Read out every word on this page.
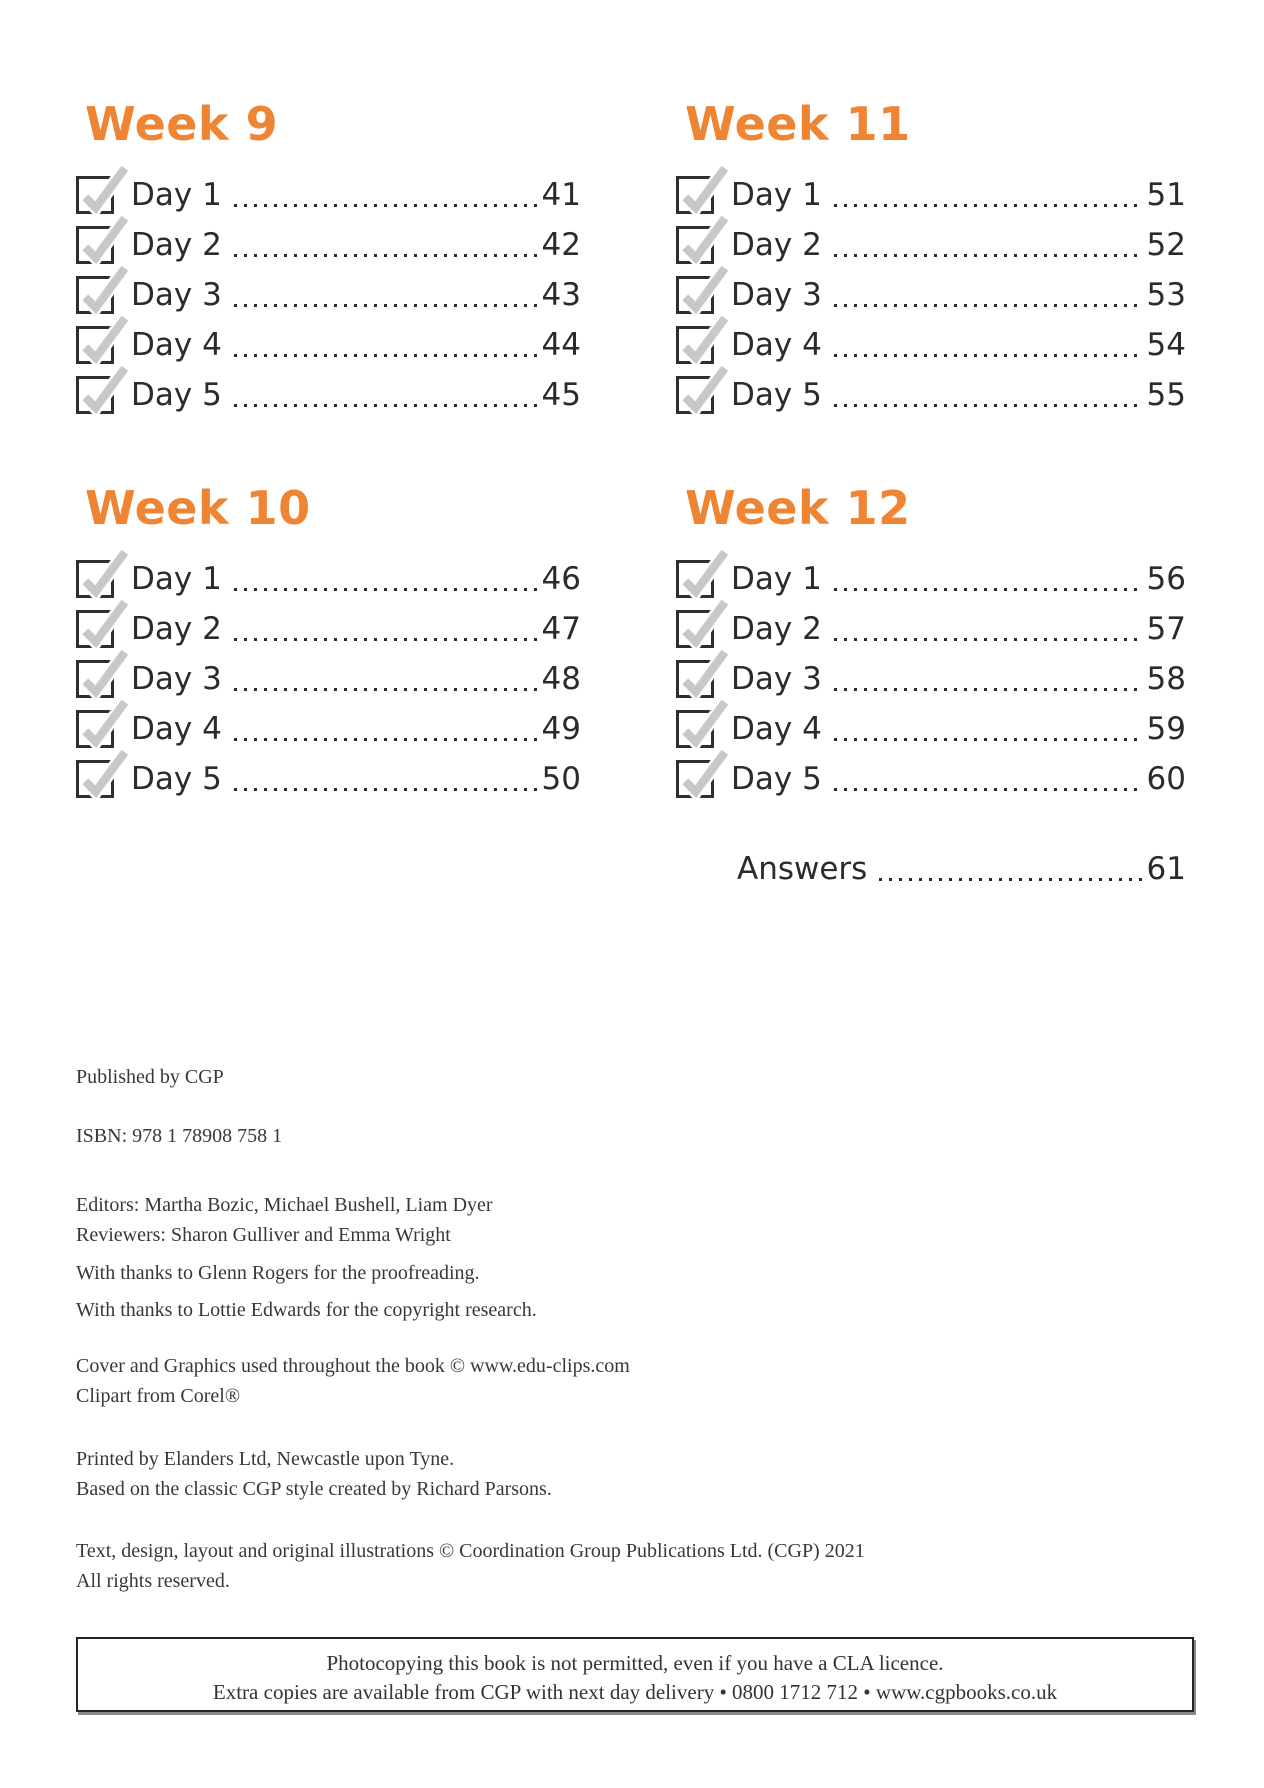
Week 9
Day 1	41
Day 2	42
Day 3	43
Day 4	44
Day 5	45
Week 10
Day 1	46
Day 2	47
Day 3	48
Day 4	49
Day 5	50
Week 11
Day 1	51
Day 2	52
Day 3	53
Day 4	54
Day 5	55
Week 12
Day 1	56
Day 2	57
Day 3	58
Day 4	59
Day 5	60
Answers	61

Published by CGP

ISBN: 978 1 78908 758 1

Editors: Martha Bozic, Michael Bushell, Liam Dyer

Reviewers: Sharon Gulliver and Emma Wright

With thanks to Glenn Rogers for the proofreading.

With thanks to Lottie Edwards for the copyright research.

Cover and Graphics used throughout the book © www.edu-clips.com

Clipart from Corel®

Printed by Elanders Ltd, Newcastle upon Tyne.

Based on the classic CGP style created by Richard Parsons.

Text, design, layout and original illustrations © Coordination Group Publications Ltd. (CGP) 2021

All rights reserved.

Photocopying this book is not permitted, even if you have a CLA licence.

Extra copies are available from CGP with next day delivery • 0800 1712 712 • www.cgpbooks.co.uk
